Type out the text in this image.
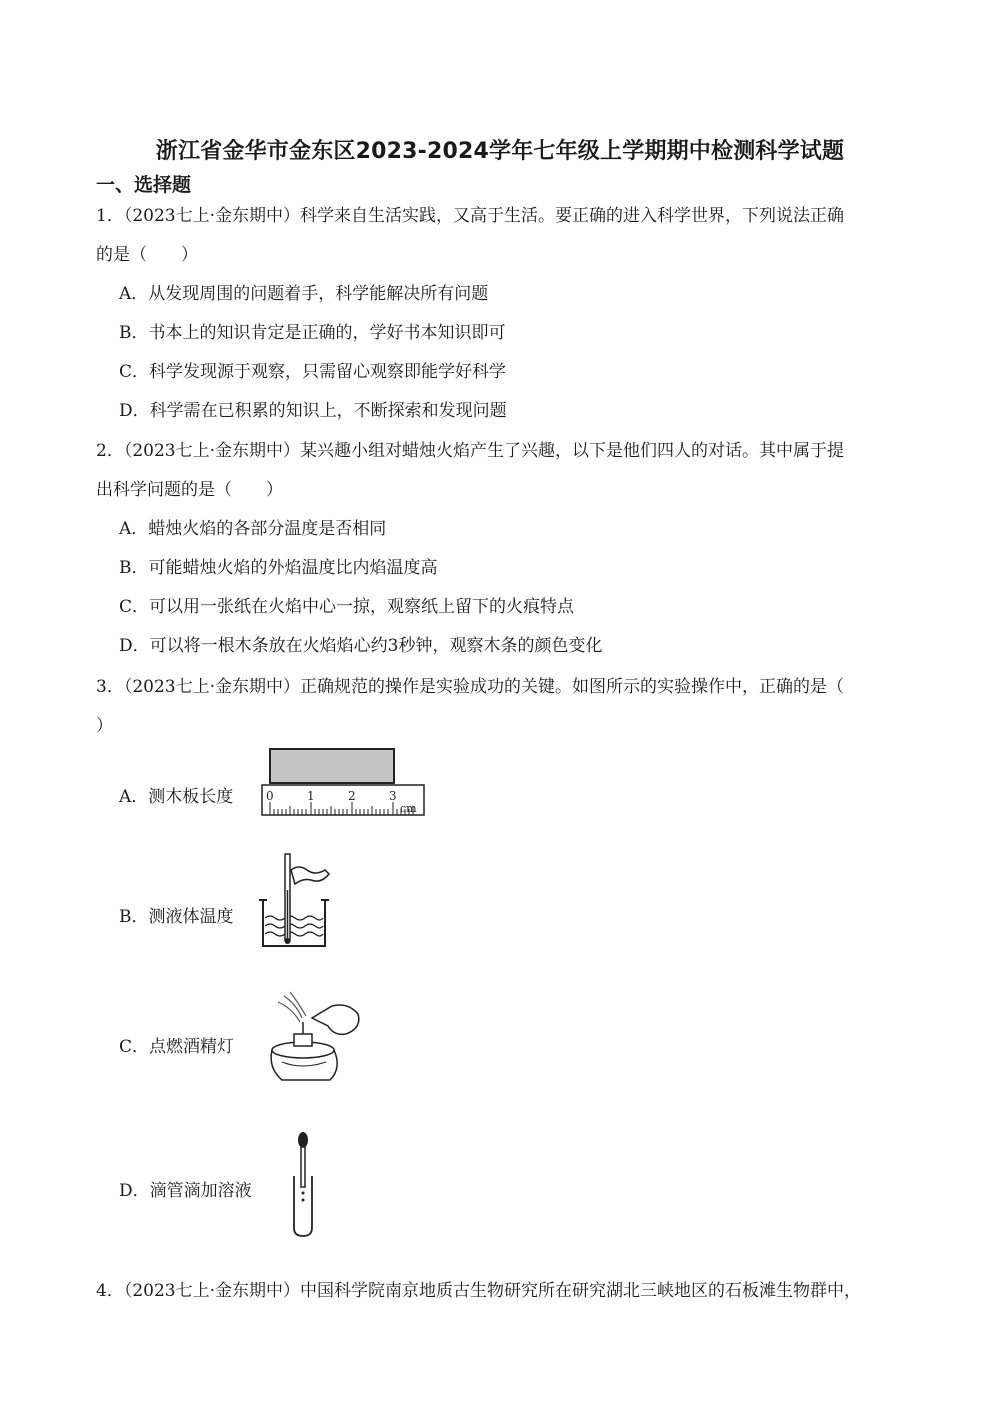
浙江省金华市金东区2023-2024学年七年级上学期期中检测科学试题
一、选择题
1．（2023七上·金东期中）科学来自生活实践，又高于生活。要正确的进入科学世界，下列说法正确
的是（　　）
A．从发现周围的问题着手，科学能解决所有问题
B．书本上的知识肯定是正确的，学好书本知识即可
C．科学发现源于观察，只需留心观察即能学好科学
D．科学需在已积累的知识上，不断探索和发现问题
2．（2023七上·金东期中）某兴趣小组对蜡烛火焰产生了兴趣，以下是他们四人的对话。其中属于提
出科学问题的是（　　）
A．蜡烛火焰的各部分温度是否相同
B．可能蜡烛火焰的外焰温度比内焰温度高
C．可以用一张纸在火焰中心一掠，观察纸上留下的火痕特点
D．可以将一根木条放在火焰焰心约3秒钟，观察木条的颜色变化
3．（2023七上·金东期中）正确规范的操作是实验成功的关键。如图所示的实验操作中，正确的是（
）
A．测木板长度	0	1	2	3
cm
B．测液体温度
C．点燃酒精灯
D．滴管滴加溶液
4．（2023七上·金东期中）中国科学院南京地质古生物研究所在研究湖北三峡地区的石板滩生物群中，
